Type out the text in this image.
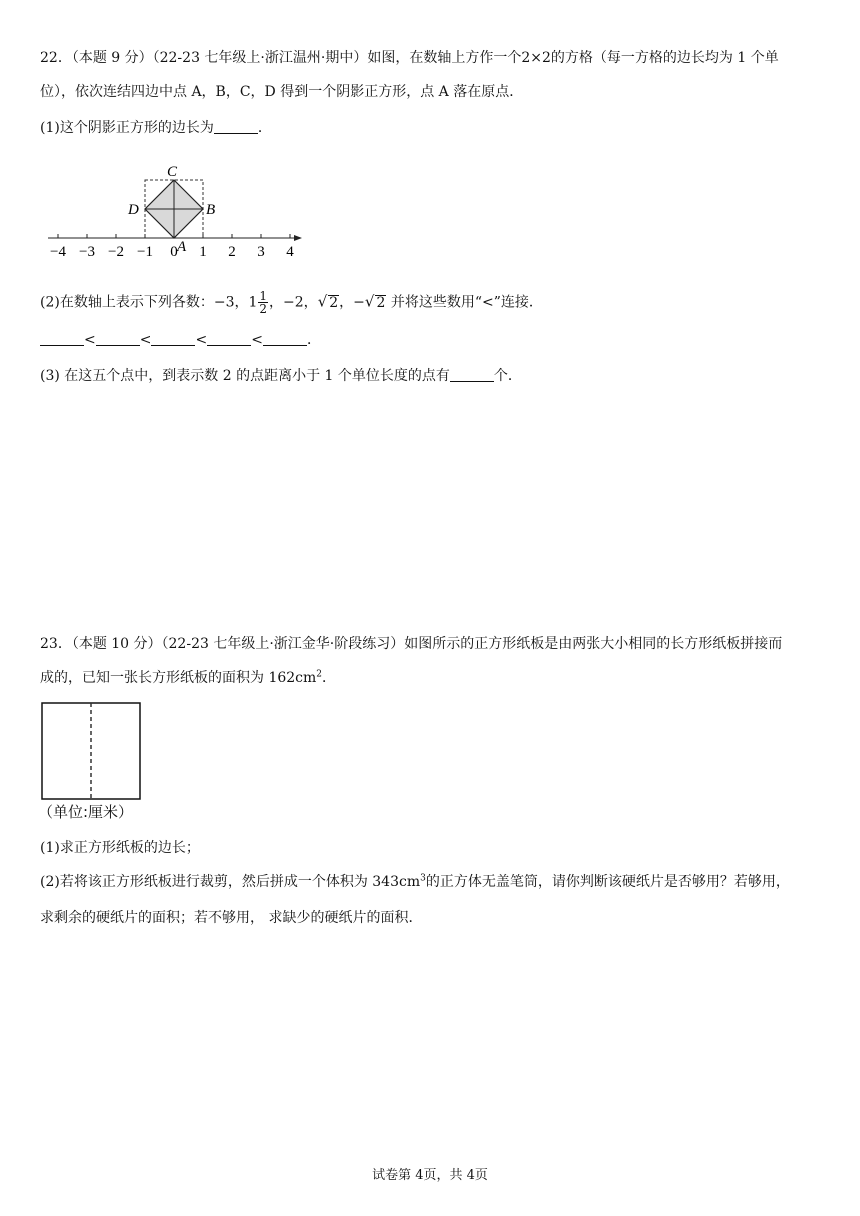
22．（本题 9 分）（22-23 七年级上·浙江温州·期中）如图，在数轴上方作一个2×2的方格（每一方格的边长均为 1 个单
位），依次连结四边中点 A，B，C，D 得到一个阴影正方形，点 A 落在原点．
(1)这个阴影正方形的边长为	．
−4 −3 −2 −1 0 1 2 3 4
C
D	B
A
(2)在数轴上表示下列各数：−3，$1 \frac{1}{2}$ ，−2，√ 2，−√ 2 并将这些数用“<”连接．
<	<	<	<	．
(3) 在这五个点中，到表示数 2 的点距离小于 1 个单位长度的点有	个．
23．（本题 10 分）（22-23 七年级上·浙江金华·阶段练习）如图所示的正方形纸板是由两张大小相同的长方形纸板拼接而
成的，已知一张长方形纸板的面积为 $162cm^2$．
（单位:厘米）
(1)求正方形纸板的边长；
(2)若将该正方形纸板进行裁剪，然后拼成一个体积为 $343cm^3$的正方体无盖笔筒，请你判断该硬纸片是否够用？若够用，
求剩余的硬纸片的面积；若不够用， 求缺少的硬纸片的面积．
试卷第 4页，共 4页
